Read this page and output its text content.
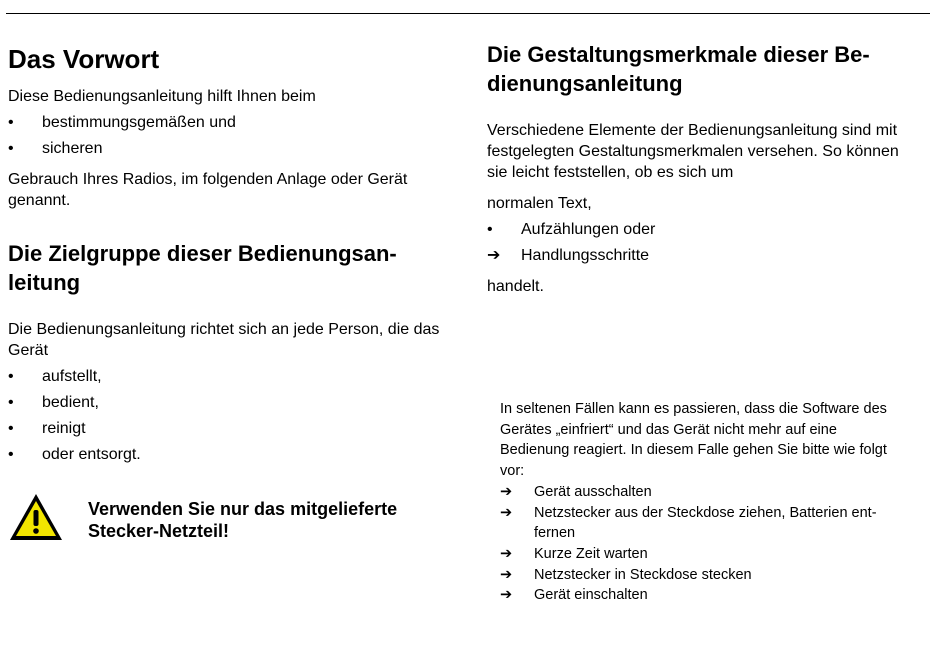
Das Vorwort

Diese Bedienungsanleitung hilft Ihnen beim

•	bestimmungsgemäßen und
•	sicheren

Gebrauch Ihres Radios, im folgenden Anlage oder Gerät genannt.

Die Zielgruppe dieser Bedienungsan-
leitung

Die Bedienungsanleitung richtet sich an jede Person, die das Gerät

•	aufstellt,
•	bedient,
•	reinigt
•	oder entsorgt.
Verwenden Sie nur das mitgelieferte Stecker-Netzteil!
Die Gestaltungsmerkmale dieser Be-
dienungsanleitung

Verschiedene Elemente der Bedienungsanleitung sind mit festgelegten Gestaltungsmerkmalen versehen. So können sie leicht feststellen, ob es sich um

normalen Text,

•	Aufzählungen oder
➔	Handlungsschritte

handelt.

In seltenen Fällen kann es passieren, dass die Software des Gerätes „einfriert“ und das Gerät nicht mehr auf eine Bedienung reagiert. In diesem Falle gehen Sie bitte wie folgt vor:
➔	Gerät ausschalten
➔	Netzstecker aus der Steckdose ziehen, Batterien ent-fernen
➔	Kurze Zeit warten
➔	Netzstecker in Steckdose stecken
➔	Gerät einschalten
